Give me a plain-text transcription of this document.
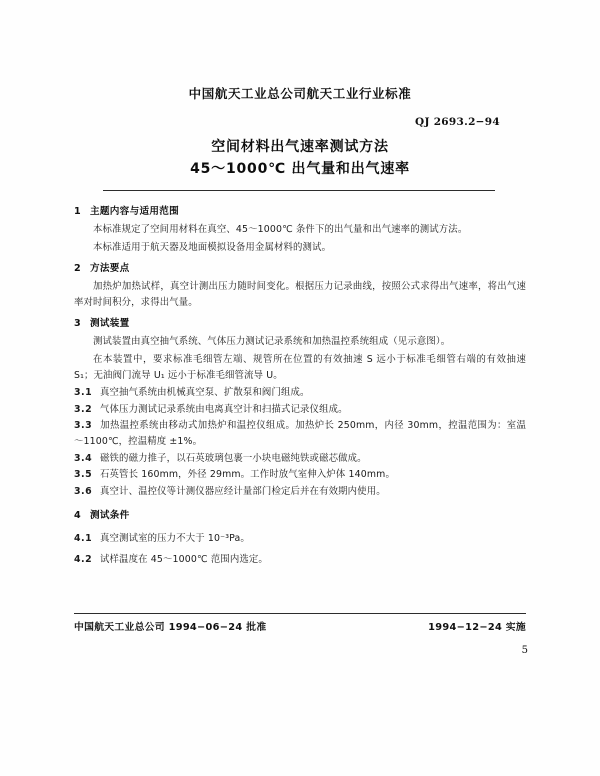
中国航天工业总公司航天工业行业标准
QJ 2693.2−94
空间材料出气速率测试方法
45～1000℃ 出气量和出气速率
1 主题内容与适用范围

本标准规定了空间用材料在真空、45～1000℃ 条件下的出气量和出气速率的测试方法。

本标准适用于航天器及地面模拟设备用金属材料的测试。

2 方法要点

加热炉加热试样，真空计测出压力随时间变化。根据压力记录曲线，按照公式求得出气速率，将出气速率对时间积分，求得出气量。

3 测试装置

测试装置由真空抽气系统、气体压力测试记录系统和加热温控系统组成（见示意图）。

在本装置中，要求标准毛细管左端、规管所在位置的有效抽速 S 远小于标准毛细管右端的有效抽速 S₁；无油阀门流导 U₁ 远小于标准毛细管流导 U。

3.1 真空抽气系统由机械真空泵、扩散泵和阀门组成。

3.2 气体压力测试记录系统由电离真空计和扫描式记录仪组成。

3.3 加热温控系统由移动式加热炉和温控仪组成。加热炉长 250mm，内径 30mm，控温范围为：室温～1100℃，控温精度 ±1%。

3.4 磁铁的磁力推子，以石英玻璃包裹一小块电磁纯铁或磁芯做成。

3.5 石英管长 160mm，外径 29mm。工作时放气室伸入炉体 140mm。

3.6 真空计、温控仪等计测仪器应经计量部门检定后并在有效期内使用。

4 测试条件

4.1 真空测试室的压力不大于 10⁻³Pa。

4.2 试样温度在 45～1000℃ 范围内选定。

中国航天工业总公司 1994−06−24 批准	1994−12−24 实施
5
